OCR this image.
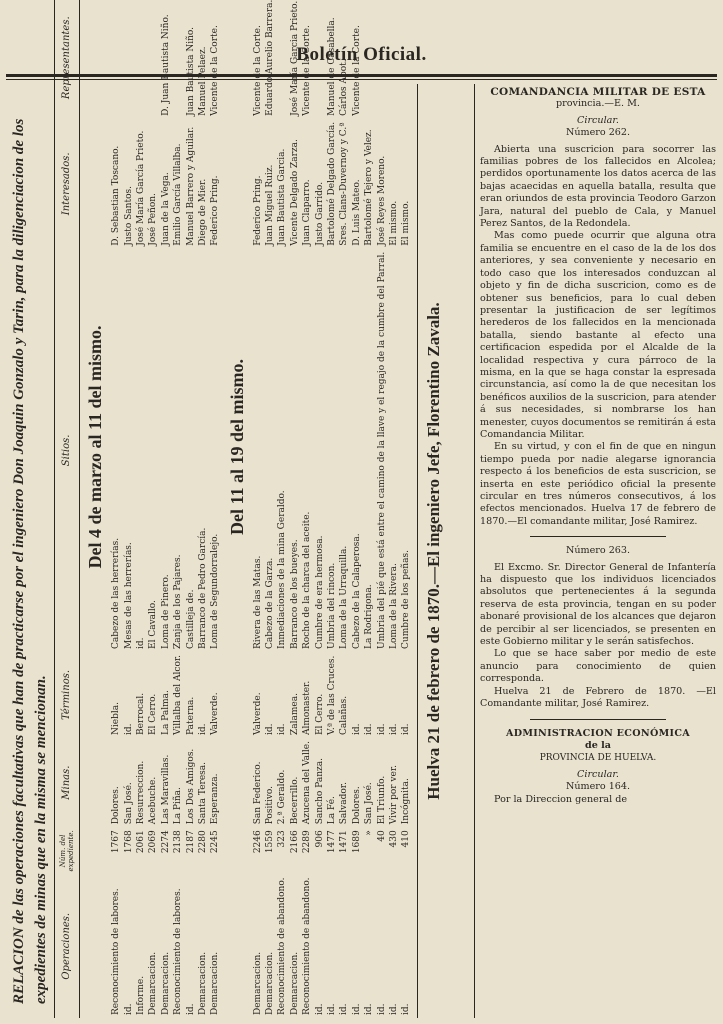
Boletín Oficial.
RELACION de las operaciones facultativas que han de practicarse por el ingeniero Don Joaquin Gonzalo y Tarin, para la diligenciacion de los expedientes de minas que en la misma se mencionan.	Operaciones.	Núm. del expediente.	Minas.	Términos.	Sitios.	Interesados.	Representantes.	
Del 4 de marzo al 11 del mismo.							
Reconocimiento de labores.	1767	Dolores.	Niebla.	Cabezo de las herrerías.	D. Sebastian Toscano.		
id.	1768	San José.	id.	Mesas de las herrerías.	Justo Santos.		
Informe.	2061	Resurreccion.	Berrocal.	id.	José María García Prieto.		
Demarcacion.	2069	Acebuche.	El Cerro.	El Cavallo.	José Peñon.		
Demarcacion.	2274	Las Maravillas.	La Palma.	Loma de Pinero.	Juan de la Vega.	D. Juan Bautista Niño.	
Reconocimiento de labores.	2138	La Piña.	Villalba del Alcor.	Zanja de los Pajares.	Emilio García Villalba.		
id.	2187	Los Dos Amigos.	Paterna.	Castilleja de.	Manuel Barrero y Aguilar.	Juan Bautista Niño.	
Demarcacion.	2280	Santa Teresa.	id.	Barranco de Pedro García.	Diego de Mier.	Manuel Pelaez.	
Demarcacion.	2245	Esperanza.	Valverde.	Loma de Segundorralejo.	Federico Pring.	Vicente de la Corte.	
Del 11 al 19 del mismo.							
Demarcacion.	2246	San Federico.	Valverde.	Rivera de las Matas.	Federico Pring.	Vicente de la Corte.	
Demarcacion.	1559	Positivo.	id.	Cabezo de la Garza.	Juan Miguel Ruiz.	Eduardo Aurelio Barrera.	
Reconocimiento de abandono.	323	2.ª Geraldo.	id.	Inmediaciones de la mina Geraldo.	Juan Bautista Garcia.		
Demarcacion.	2166	Becerrillo.	Zalamea.	Barranco de los bueyes.	Vicente Delgado Zarza.	José María Garcia Prieto.	
Reconocimiento de abandono.	2289	Azucena del Valle.	Almonaster.	Rocho de la charca del aceite.	Juan Claparro.	Vicente de la Corte.	
id.	906	Sancho Panza.	El Cerro.	Cumbre de era hermosa.	Justo Garrido.		
id.	1477	La Fé.	V.ª de las Cruces.	Umbria del rincon.	Bartolomé Delgado García.	Manuel de Casabella.	
id.	1471	Salvador.	Calañas.	Loma de la Urraquilla.	Sres. Clans-Duvernoy y C.ª	Cárlos Abot.	
id.	1689	Dolores.	id.	Cabezo de la Calaperosa.	D. Luis Mateo.	Vicente de la Corte.	
id.	»	San José.	id.	La Rodrigona.	Bartolomé Tejero y Velez.		
id.	40	El Triunfo.	id.	Umbria del pié que está entre el camino de la llave y el regajo de la cumbre del Parral.	José Reyes Moreno.		
id.	430	Vivir por ver.	id.	Loma de la Rivera.	El mismo.		
id.	410	Incógnita.	id.	Cumbre de los peñas.	El mismo.		
Huelva 21 de febrero de 1870.—El ingeniero Jefe, Florentino Zavala.

COMANDANCIA MILITAR DE ESTA

provincia.—E. M.

Circular.

Número 262.

Abierta una suscricion para socorrer las familias pobres de los fallecidos en Alcolea; perdidos oportunamente los datos acerca de las bajas acaecidas en aquella batalla, resulta que eran oriundos de esta provincia Teodoro Garzon Jara, natural del pueblo de Cala, y Manuel Perez Santos, de la Redondela.

Mas como puede ocurrir que alguna otra familia se encuentre en el caso de la de los dos anteriores, y sea conveniente y necesario en todo caso que los interesados conduzcan al objeto y fin de dicha suscricion, como es de obtener sus beneficios, para lo cual deben presentar la justificacion de ser legítimos herederos de los fallecidos en la mencionada batalla, siendo bastante al efecto una certificacion espedida por el Alcalde de la localidad respectiva y cura párroco de la misma, en la que se haga constar la espresada circunstancia, así como la de que necesitan los benéficos auxilios de la suscricion, para atender á sus necesidades, si nombrarse los han menester, cuyos documentos se remitirán á esta Comandancia Militar.

En su virtud, y con el fin de que en ningun tiempo pueda por nadie alegarse ignorancia respecto á los beneficios de esta suscricion, se inserta en este periódico oficial la presente circular en tres números consecutivos, á los efectos mencionados. Huelva 17 de febrero de 1870.—El comandante militar, José Ramirez.

Número 263.

El Excmo. Sr. Director General de Infantería ha dispuesto que los individuos licenciados absolutos que pertenecientes á la segunda reserva de esta provincia, tengan en su poder abonaré provisional de los alcances que dejaron de percibir al ser licenciados, se presenten en este Gobierno militar y le serán satisfechos.

Lo que se hace saber por medio de este anuncio para conocimiento de quien corresponda.

Huelva 21 de Febrero de 1870. —El Comandante militar, José Ramirez.

ADMINISTRACION ECONÓMICA

de la

PROVINCIA DE HUELVA.

Circular.

Número 164.

Por la Direccion general de
